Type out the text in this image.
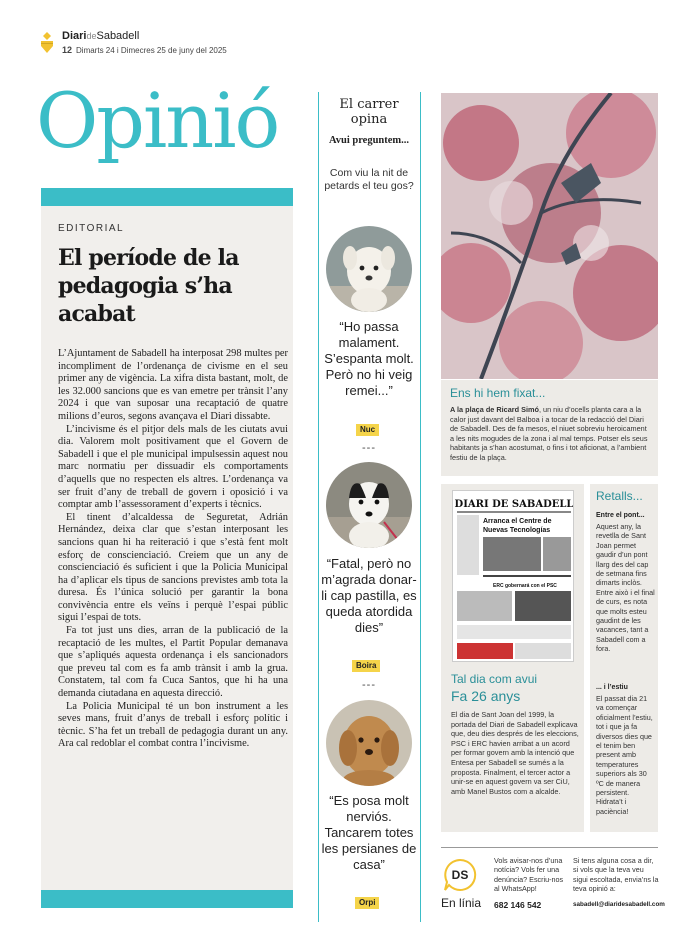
DiarideSabadell
12 Dimarts 24 i Dimecres 25 de juny del 2025
Opinió
EDITORIAL
El període de la pedagogia s’ha acabat

L’Ajuntament de Sabadell ha interposat 298 multes per incompliment de l’ordenança de civisme en el seu primer any de vigència. La xifra dista bastant, molt, de les 32.000 sancions que es van emetre per trànsit l’any 2024 i que van suposar una recaptació de quatre milions d’euros, segons avançava el Diari dissabte.

L’incivisme és el pitjor dels mals de les ciutats avui dia. Valorem molt positivament que el Govern de Sabadell i que el ple municipal impulsessin aquest nou marc normatiu per dissuadir els comportaments d’aquells que no respecten els altres. L’ordenança va ser fruit d’any de treball de govern i oposició i va comptar amb l’assessorament d’experts i tècnics.

El tinent d’alcaldessa de Seguretat, Adrián Hernández, deixa clar que s’estan interposant les sancions quan hi ha reiteració i que s’està fent molt esforç de conscienciació. Creiem que un any de conscienciació és suficient i que la Policia Municipal ha d’aplicar els tipus de sancions previstes amb tota la duresa. És l’única solució per garantir la bona convivència entre els veïns i perquè l’espai públic sigui l’espai de tots.

Fa tot just uns dies, arran de la publicació de la recaptació de les multes, el Partit Popular demanava que s’apliqués aquesta ordenança i els sancionadors que preveu tal com es fa amb trànsit i amb la grua. Constatem, tal com fa Cuca Santos, que hi ha una demanda ciutadana en aquesta direcció.

La Policia Municipal té un bon instrument a les seves mans, fruit d’anys de treball i esforç polític i tècnic. S’ha fet un treball de pedagogia durant un any. Ara cal redoblar el combat contra l’incivisme.

El carrer opina
Avui preguntem...
Com viu la nit de petards el teu gos?
“Ho passa malament. S’espanta molt. Però no hi veig remei...”
Nuc
---
“Fatal, però no m’agrada donar-li cap pastilla, es queda atordida dies”
Boira
---
“Es posa molt nerviós. Tancarem totes les persianes de casa”
Orpi
Ens hi hem fixat...
A la plaça de Ricard Simó, un niu d’ocells planta cara a la calor just davant del Balboa i a tocar de la redacció del Diari de Sabadell. Des de fa mesos, el niuet sobreviu heroicament a les nits mogudes de la zona i al mal temps. Potser els seus habitants ja s’han acostumat, o fins i tot aficionat, a l’ambient festiu de la plaça.
DIARI DE SABADELL
Arranca el Centre de
Nuevas Tecnologías
ERC gobernará con el PSC
Tal dia com avui
Fa 26 anys
El dia de Sant Joan del 1999, la portada del Diari de Sabadell explicava que, deu dies després de les eleccions, PSC i ERC havien arribat a un acord per formar govern amb la intenció que Entesa per Sabadell se sumés a la proposta. Finalment, el tercer actor a unir-se en aquest govern va ser CiU, amb Manel Bustos com a alcalde.
Retalls...
Entre el pont...
Aquest any, la revetlla de Sant Joan permet gaudir d’un pont llarg des del cap de setmana fins dimarts inclòs. Entre això i el final de curs, es nota que molts esteu gaudint de les vacances, tant a Sabadell com a fora.
... i l’estiu
El passat dia 21 va començar oficialment l’estiu, tot i que ja fa diversos dies que el tenim ben present amb temperatures superiors als 30 ºC de manera persistent. Hidrata’t i paciència!
DS
En línia
Vols avisar-nos d’una notícia? Vols fer una denúncia? Escriu-nos al WhatsApp!
682 146 542
Si tens alguna cosa a dir, si vols que la teva veu sigui escoltada, envia’ns la teva opinió a:
sabadell@diaridesabadell.com
